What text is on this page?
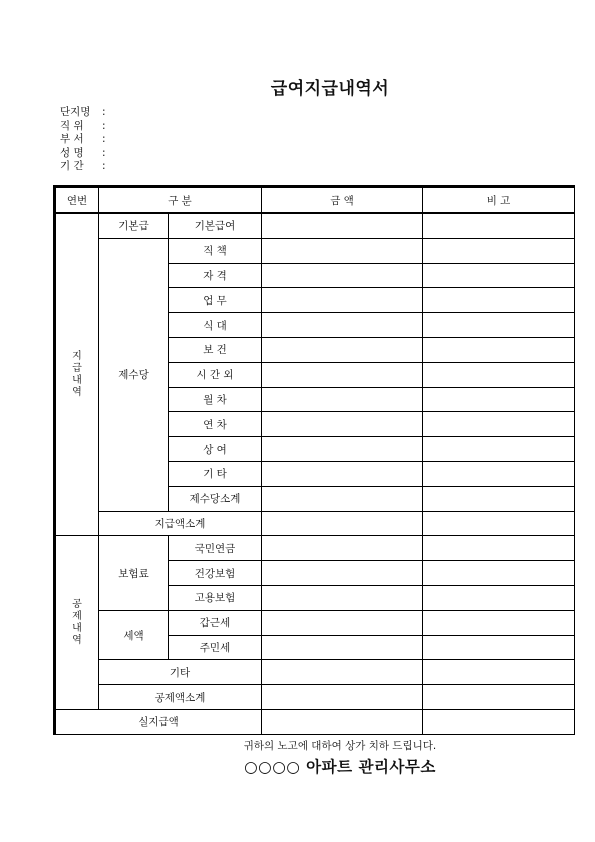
급여지급내역서
단지명	:
직 위	:
부 서	:
성 명	:
기 간	:
연번	구 분		금 액	비 고
지급내역	기본급	기본급여		
	제수당	직 책		
		자 격		
		업 무		
		식 대		
		보 건		
		시 간 외		
		월 차		
		연 차		
		상 여		
		기 타		
		제수당소계		
	지급액소계			
공제내역	보험료	국민연금		
		건강보험		
		고용보험		
	세액	갑근세		
		주민세		
	기타			
	공제액소계			
실지급액				
귀하의 노고에 대하여 상가 치하 드립니다.
○○○○ 아파트 관리사무소
